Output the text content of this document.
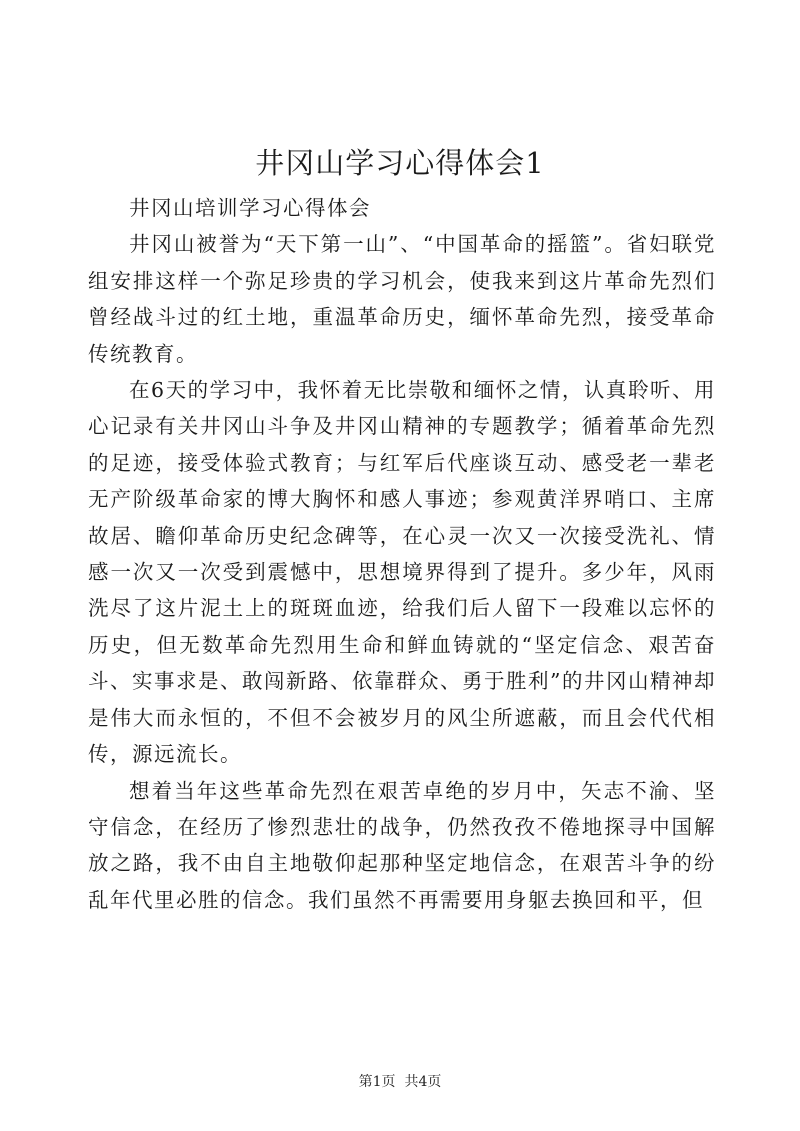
井冈山学习心得体会1

井冈山培训学习心得体会

井冈山被誉为“天下第一山”、“中国革命的摇篮”。省妇联党组安排这样一个弥足珍贵的学习机会，使我来到这片革命先烈们曾经战斗过的红土地，重温革命历史，缅怀革命先烈，接受革命传统教育。

在6天的学习中，我怀着无比崇敬和缅怀之情，认真聆听、用心记录有关井冈山斗争及井冈山精神的专题教学；循着革命先烈的足迹，接受体验式教育；与红军后代座谈互动、感受老一辈老无产阶级革命家的博大胸怀和感人事迹；参观黄洋界哨口、主席故居、瞻仰革命历史纪念碑等，在心灵一次又一次接受洗礼、情感一次又一次受到震憾中，思想境界得到了提升。多少年，风雨洗尽了这片泥土上的斑斑血迹，给我们后人留下一段难以忘怀的历史，但无数革命先烈用生命和鲜血铸就的“坚定信念、艰苦奋斗、实事求是、敢闯新路、依靠群众、勇于胜利”的井冈山精神却是伟大而永恒的，不但不会被岁月的风尘所遮蔽，而且会代代相传，源远流长。

想着当年这些革命先烈在艰苦卓绝的岁月中，矢志不渝、坚守信念，在经历了惨烈悲壮的战争，仍然孜孜不倦地探寻中国解放之路，我不由自主地敬仰起那种坚定地信念，在艰苦斗争的纷乱年代里必胜的信念。我们虽然不再需要用身躯去换回和平，但

第1页 共4页
